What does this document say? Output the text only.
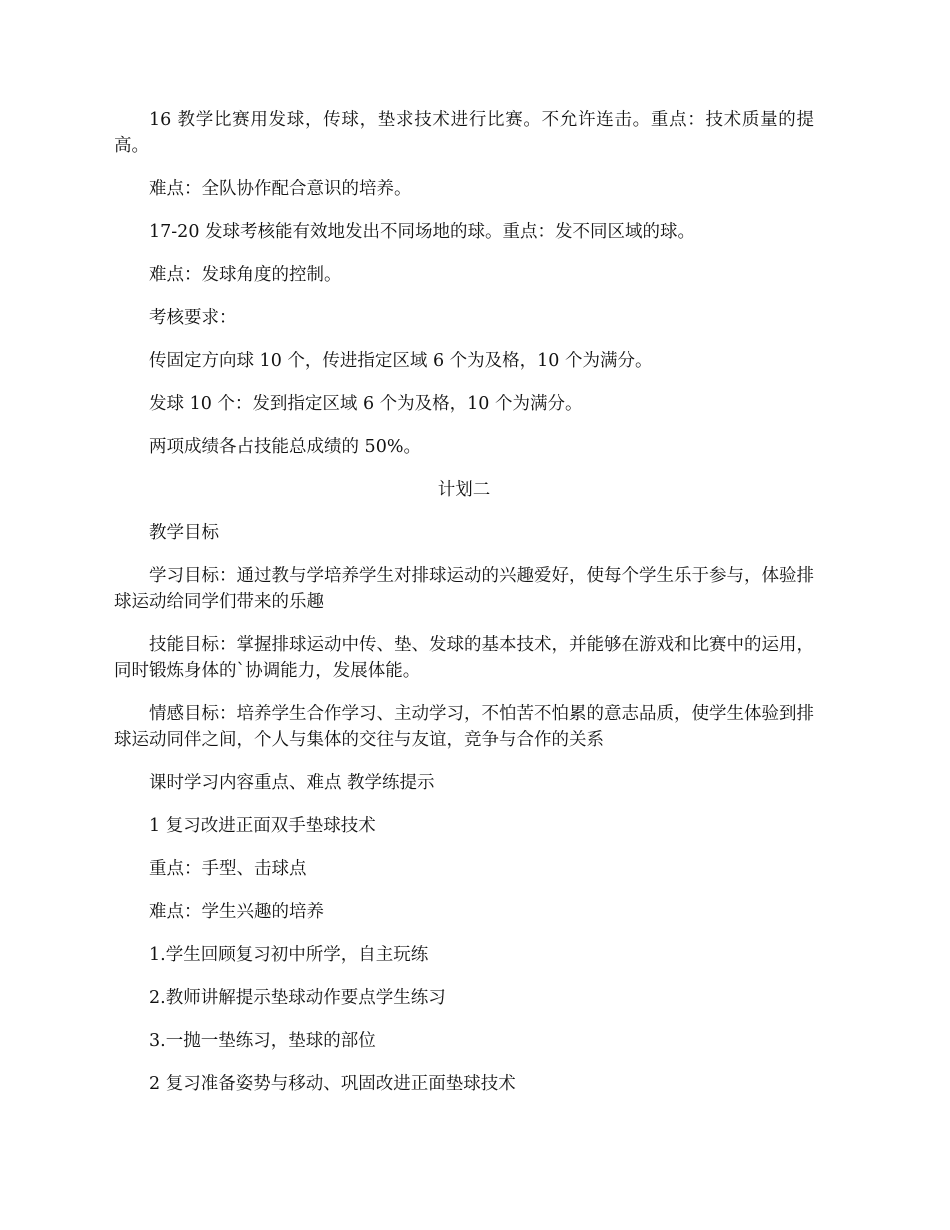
16 教学比赛用发球，传球，垫求技术进行比赛。不允许连击。重点：技术质量的提高。

难点：全队协作配合意识的培养。

17-20 发球考核能有效地发出不同场地的球。重点：发不同区域的球。

难点：发球角度的控制。

考核要求：

传固定方向球 10 个，传进指定区域 6 个为及格，10 个为满分。

发球 10 个：发到指定区域 6 个为及格，10 个为满分。

两项成绩各占技能总成绩的 50%。

计划二

教学目标

学习目标：通过教与学培养学生对排球运动的兴趣爱好，使每个学生乐于参与，体验排球运动给同学们带来的乐趣

技能目标：掌握排球运动中传、垫、发球的基本技术，并能够在游戏和比赛中的运用，同时锻炼身体的`协调能力，发展体能。

情感目标：培养学生合作学习、主动学习，不怕苦不怕累的意志品质，使学生体验到排球运动同伴之间，个人与集体的交往与友谊，竞争与合作的关系

课时学习内容重点、难点 教学练提示

1 复习改进正面双手垫球技术

重点：手型、击球点

难点：学生兴趣的培养

1.学生回顾复习初中所学，自主玩练

2.教师讲解提示垫球动作要点学生练习

3.一抛一垫练习，垫球的部位

2 复习准备姿势与移动、巩固改进正面垫球技术
